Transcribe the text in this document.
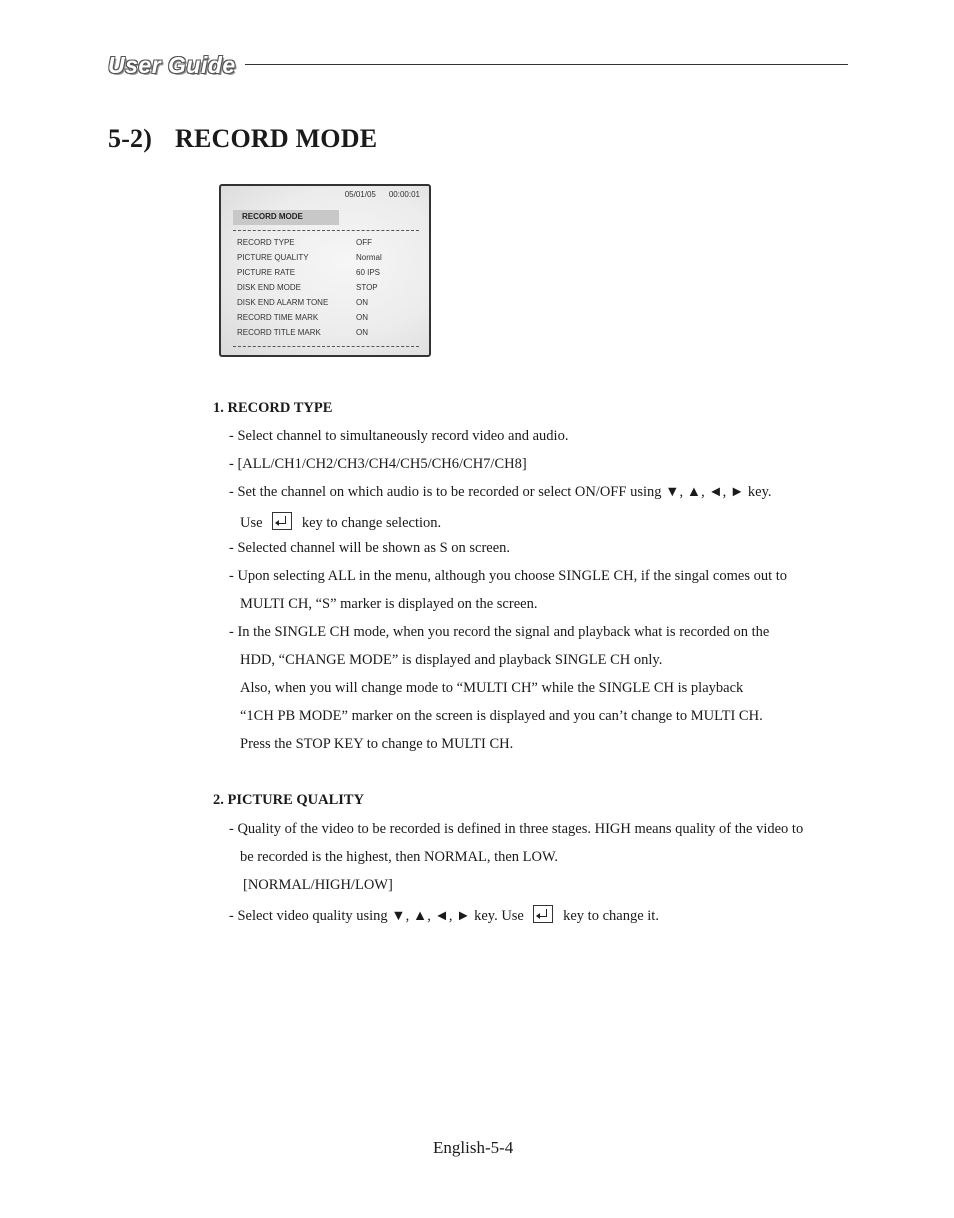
User Guide
5-2) RECORD MODE
05/01/05 00:00:01
RECORD MODE
RECORD TYPE	OFF
PICTURE QUALITY	Normal
PICTURE RATE	60 IPS
DISK END MODE	STOP
DISK END ALARM TONE	ON
RECORD TIME MARK	ON
RECORD TITLE MARK	ON
1. RECORD TYPE
- Select channel to simultaneously record video and audio.
- [ALL/CH1/CH2/CH3/CH4/CH5/CH6/CH7/CH8]
- Set the channel on which audio is to be recorded or select ON/OFF using ▼, ▲, ◄, ► key.
Use	key to change selection.
- Selected channel will be shown as S on screen.
- Upon selecting ALL in the menu, although you choose SINGLE CH, if the singal comes out to
MULTI CH, “S” marker is displayed on the screen.
- In the SINGLE CH mode, when you record the signal and playback what is recorded on the
HDD, “CHANGE MODE” is displayed and playback SINGLE CH only.
Also, when you will change mode to “MULTI CH” while the SINGLE CH is playback
“1CH PB MODE” marker on the screen is displayed and you can’t change to MULTI CH.
Press the STOP KEY to change to MULTI CH.
2. PICTURE QUALITY
- Quality of the video to be recorded is defined in three stages. HIGH means quality of the video to
be recorded is the highest, then NORMAL, then LOW.
[NORMAL/HIGH/LOW]
- Select video quality using ▼, ▲, ◄, ► key. Use	key to change it.
English-5-4
